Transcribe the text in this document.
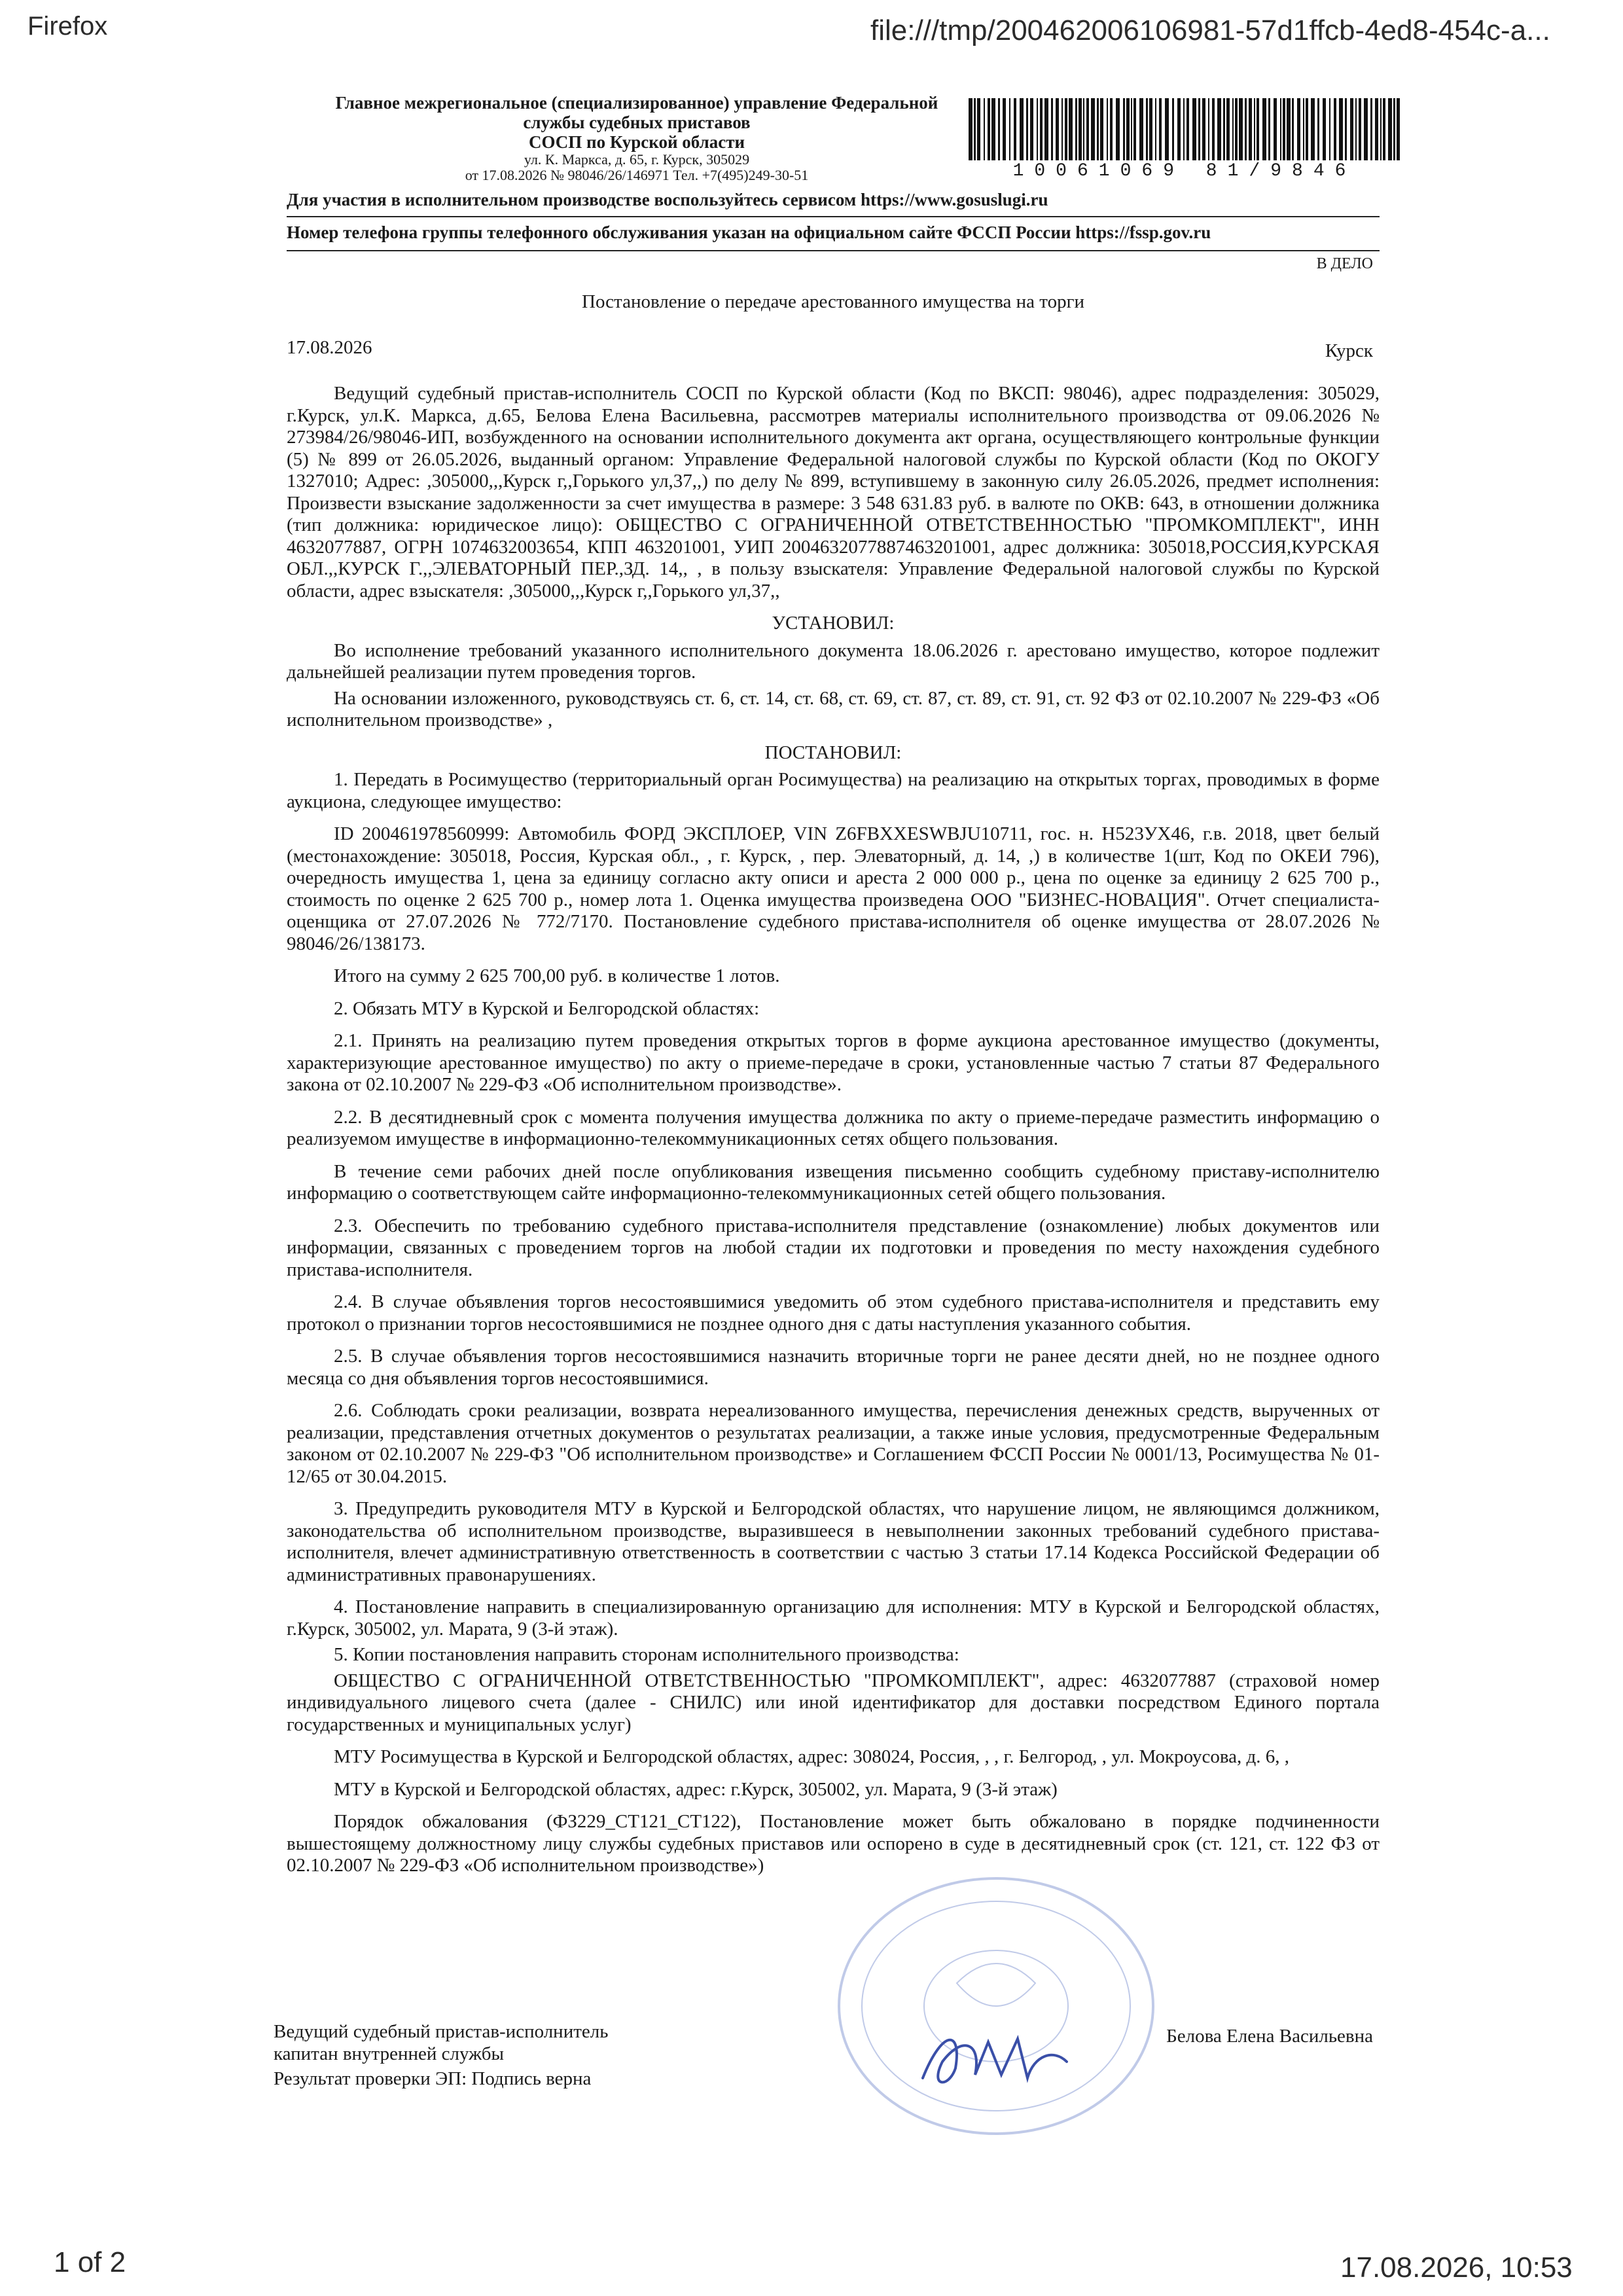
Firefox	file:///tmp/200462006106981-57d1ffcb-4ed8-454c-a...
Главное межрегиональное (специализированное) управление Федеральной
службы судебных приставов
СОСП по Курской области
ул. К. Маркса, д. 65, г. Курск, 305029
от 17.08.2026 № 98046/26/146971 Тел. +7(495)249-30-51	10061069 81/9846
Для участия в исполнительном производстве воспользуйтесь сервисом https://www.gosuslugi.ru
Номер телефона группы телефонного обслуживания указан на официальном сайте ФССП России https://fssp.gov.ru
В ДЕЛО
Постановление о передаче арестованного имущества на торги
17.08.2026	Курск

Ведущий судебный пристав-исполнитель СОСП по Курской области (Код по ВКСП: 98046), адрес подразделения: 305029, г.Курск, ул.К. Маркса, д.65, Белова Елена Васильевна, рассмотрев материалы исполнительного производства от 09.06.2026 № 273984/26/98046-ИП, возбужденного на основании исполнительного документа акт органа, осуществляющего контрольные функции (5) № 899 от 26.05.2026, выданный органом: Управление Федеральной налоговой службы по Курской области (Код по ОКОГУ 1327010; Адрес: ,305000,,,Курск г,,Горького ул,37,,) по делу № 899, вступившему в законную силу 26.05.2026, предмет исполнения: Произвести взыскание задолженности за счет имущества в размере: 3 548 631.83 руб. в валюте по ОКВ: 643, в отношении должника (тип должника: юридическое лицо): ОБЩЕСТВО С ОГРАНИЧЕННОЙ ОТВЕТСТВЕННОСТЬЮ "ПРОМКОМПЛЕКТ", ИНН 4632077887, ОГРН 1074632003654, КПП 463201001, УИП 2004632077887463201001, адрес должника: 305018,РОССИЯ,КУРСКАЯ ОБЛ.,,КУРСК Г.,,ЭЛЕВАТОРНЫЙ ПЕР.,ЗД. 14,, , в пользу взыскателя: Управление Федеральной налоговой службы по Курской области, адрес взыскателя: ,305000,,,Курск г,,Горького ул,37,,

УСТАНОВИЛ:

Во исполнение требований указанного исполнительного документа 18.06.2026 г. арестовано имущество, которое подлежит дальнейшей реализации путем проведения торгов.

На основании изложенного, руководствуясь ст. 6, ст. 14, ст. 68, ст. 69, ст. 87, ст. 89, ст. 91, ст. 92 ФЗ от 02.10.2007 № 229-ФЗ «Об исполнительном производстве» ,

ПОСТАНОВИЛ:

1. Передать в Росимущество (территориальный орган Росимущества) на реализацию на открытых торгах, проводимых в форме аукциона, следующее имущество:

ID 200461978560999: Автомобиль ФОРД ЭКСПЛОЕР, VIN Z6FBXXESWBJU10711, гос. н. Н523УХ46, г.в. 2018, цвет белый (местонахождение: 305018, Россия, Курская обл., , г. Курск, , пер. Элеваторный, д. 14, ,) в количестве 1(шт, Код по ОКЕИ 796), очередность имущества 1, цена за единицу согласно акту описи и ареста 2 000 000 р., цена по оценке за единицу 2 625 700 р., стоимость по оценке 2 625 700 р., номер лота 1. Оценка имущества произведена ООО "БИЗНЕС-НОВАЦИЯ". Отчет специалиста-оценщика от 27.07.2026 № 772/7170. Постановление судебного пристава-исполнителя об оценке имущества от 28.07.2026 № 98046/26/138173.

Итого на сумму 2 625 700,00 руб. в количестве 1 лотов.

2. Обязать МТУ в Курской и Белгородской областях:

2.1. Принять на реализацию путем проведения открытых торгов в форме аукциона арестованное имущество (документы, характеризующие арестованное имущество) по акту о приеме-передаче в сроки, установленные частью 7 статьи 87 Федерального закона от 02.10.2007 № 229-ФЗ «Об исполнительном производстве».

2.2. В десятидневный срок с момента получения имущества должника по акту о приеме-передаче разместить информацию о реализуемом имуществе в информационно-телекоммуникационных сетях общего пользования.

В течение семи рабочих дней после опубликования извещения письменно сообщить судебному приставу-исполнителю информацию о соответствующем сайте информационно-телекоммуникационных сетей общего пользования.

2.3. Обеспечить по требованию судебного пристава-исполнителя представление (ознакомление) любых документов или информации, связанных с проведением торгов на любой стадии их подготовки и проведения по месту нахождения судебного пристава-исполнителя.

2.4. В случае объявления торгов несостоявшимися уведомить об этом судебного пристава-исполнителя и представить ему протокол о признании торгов несостоявшимися не позднее одного дня с даты наступления указанного события.

2.5. В случае объявления торгов несостоявшимися назначить вторичные торги не ранее десяти дней, но не позднее одного месяца со дня объявления торгов несостоявшимися.

2.6. Соблюдать сроки реализации, возврата нереализованного имущества, перечисления денежных средств, вырученных от реализации, представления отчетных документов о результатах реализации, а также иные условия, предусмотренные Федеральным законом от 02.10.2007 № 229-ФЗ "Об исполнительном производстве» и Соглашением ФССП России № 0001/13, Росимущества № 01-12/65 от 30.04.2015.

3. Предупредить руководителя МТУ в Курской и Белгородской областях, что нарушение лицом, не являющимся должником, законодательства об исполнительном производстве, выразившееся в невыполнении законных требований судебного пристава-исполнителя, влечет административную ответственность в соответствии с частью 3 статьи 17.14 Кодекса Российской Федерации об административных правонарушениях.

4. Постановление направить в специализированную организацию для исполнения: МТУ в Курской и Белгородской областях, г.Курск, 305002, ул. Марата, 9 (3-й этаж).

5. Копии постановления направить сторонам исполнительного производства:

ОБЩЕСТВО С ОГРАНИЧЕННОЙ ОТВЕТСТВЕННОСТЬЮ "ПРОМКОМПЛЕКТ", адрес: 4632077887 (страховой номер индивидуального лицевого счета (далее - СНИЛС) или иной идентификатор для доставки посредством Единого портала государственных и муниципальных услуг)

МТУ Росимущества в Курской и Белгородской областях, адрес: 308024, Россия, , , г. Белгород, , ул. Мокроусова, д. 6, ,

МТУ в Курской и Белгородской областях, адрес: г.Курск, 305002, ул. Марата, 9 (3-й этаж)

Порядок обжалования (ФЗ229_СТ121_СТ122), Постановление может быть обжаловано в порядке подчиненности вышестоящему должностному лицу службы судебных приставов или оспорено в суде в десятидневный срок (ст. 121, ст. 122 ФЗ от 02.10.2007 № 229-ФЗ «Об исполнительном производстве»)

Ведущий судебный пристав-исполнитель
капитан внутренней службы
Результат проверки ЭП: Подпись верна
Белова Елена Васильевна
1 of 2	17.08.2026, 10:53
